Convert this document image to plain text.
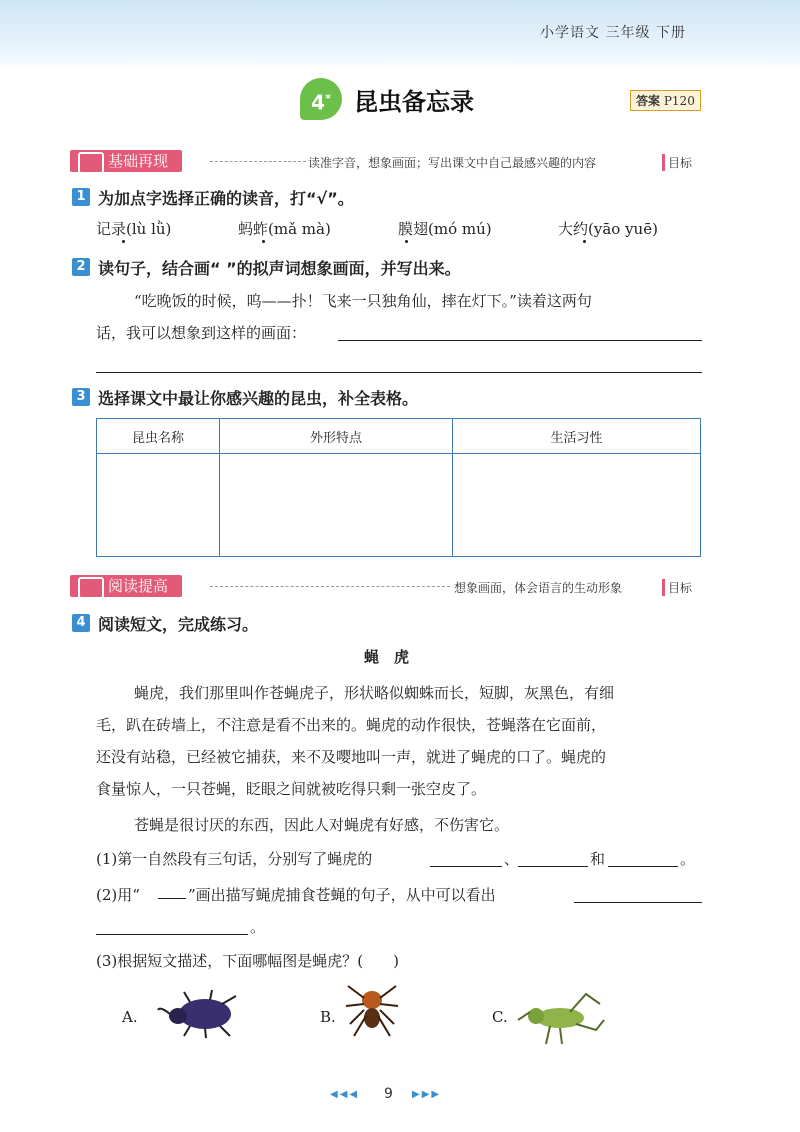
小学语文 三年级 下册
4* 昆虫备忘录	答案 P120
基础再现	读准字音，想象画面；写出课文中自己最感兴趣的内容	目标
1 为加点字选择正确的读音，打“√”。
记录(lù lǜ)	蚂蚱(mǎ mà)	膜翅(mó mú)	大约(yāo yuē)
2 读句子，结合画“ ”的拟声词想象画面，并写出来。
“吃晚饭的时候，呜——扑！飞来一只独角仙，摔在灯下。”读着这两句
话，我可以想象到这样的画面：
3 选择课文中最让你感兴趣的昆虫，补全表格。
昆虫名称	外形特点	生活习性

阅读提高	想象画面，体会语言的生动形象	目标
4 阅读短文，完成练习。
蝇　虎
蝇虎，我们那里叫作苍蝇虎子，形状略似蜘蛛而长，短脚，灰黑色，有细
毛，趴在砖墙上，不注意是看不出来的。蝇虎的动作很快，苍蝇落在它面前，
还没有站稳，已经被它捕获，来不及嘤地叫一声，就进了蝇虎的口了。蝇虎的
食量惊人，一只苍蝇，眨眼之间就被吃得只剩一张空皮了。
苍蝇是很讨厌的东西，因此人对蝇虎有好感，不伤害它。
(1)第一自然段有三句话，分别写了蝇虎的	、	和	。
(2)用“	”画出描写蝇虎捕食苍蝇的句子，从中可以看出
。
(3)根据短文描述，下面哪幅图是蝇虎？(　　)
A.	B.	C.
◀◀◀ 9 ▶▶▶
